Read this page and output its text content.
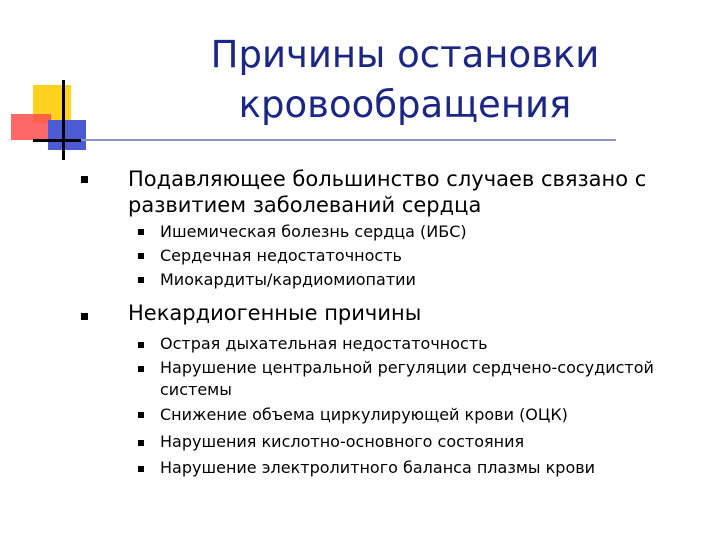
Причины остановки
кровообращения
Подавляющее большинство случаев связано с
развитием заболеваний сердца
Ишемическая болезнь сердца (ИБС)
Сердечная недостаточность
Миокардиты/кардиомиопатии
Некардиогенные причины
Острая дыхательная недостаточность
Нарушение центральной регуляции сердчено-сосудистой
системы
Снижение объема циркулирующей крови (ОЦК)
Нарушения кислотно-основного состояния
Нарушение электролитного баланса плазмы крови
